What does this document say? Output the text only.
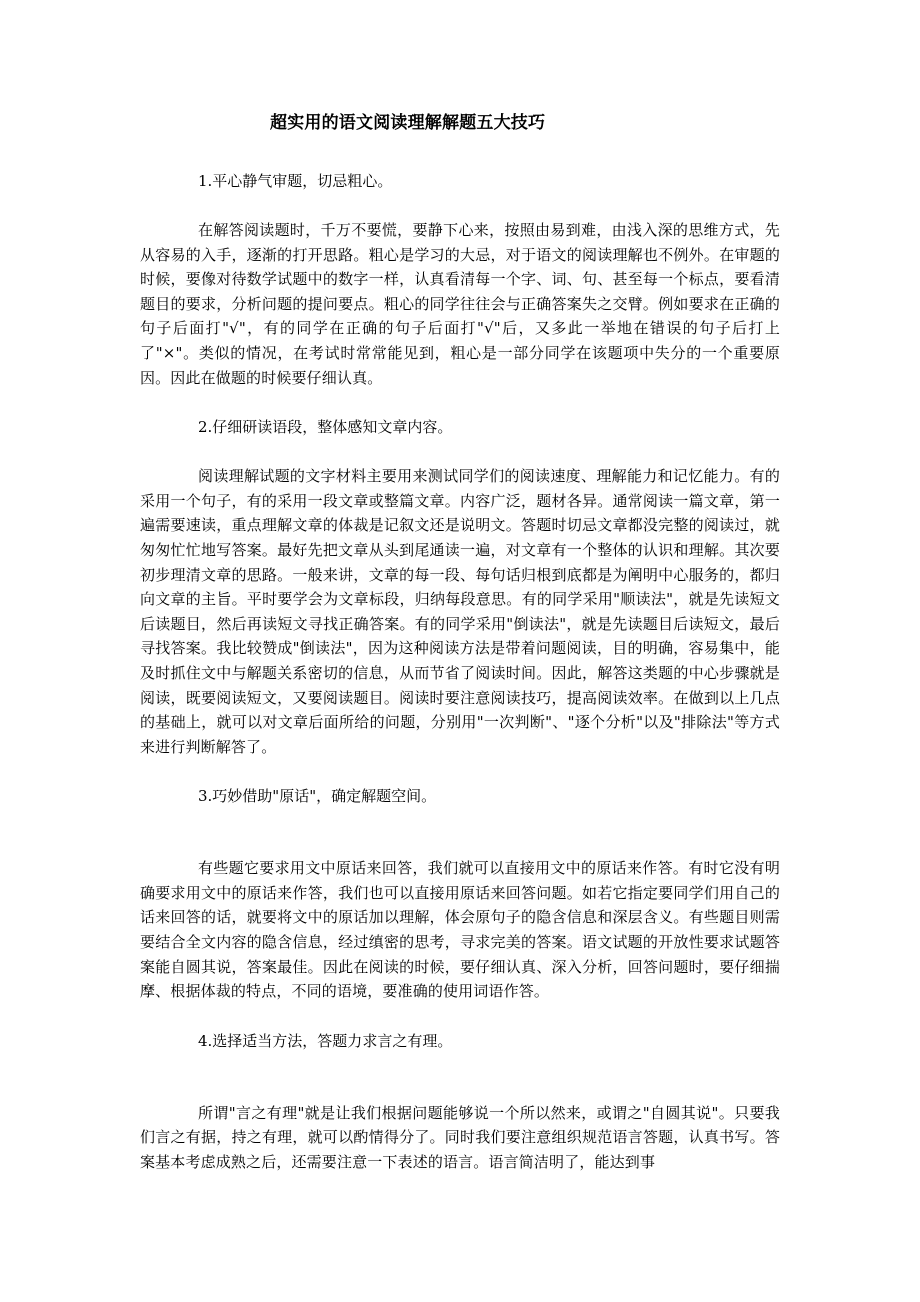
超实用的语文阅读理解解题五大技巧

1.平心静气审题，切忌粗心。

在解答阅读题时，千万不要慌，要静下心来，按照由易到难，由浅入深的思维方式，先从容易的入手，逐渐的打开思路。粗心是学习的大忌，对于语文的阅读理解也不例外。在审题的时候，要像对待数学试题中的数字一样，认真看清每一个字、词、句、甚至每一个标点，要看清题目的要求，分析问题的提问要点。粗心的同学往往会与正确答案失之交臂。例如要求在正确的句子后面打"√"，有的同学在正确的句子后面打"√"后，又多此一举地在错误的句子后打上了"×"。类似的情况，在考试时常常能见到，粗心是一部分同学在该题项中失分的一个重要原因。因此在做题的时候要仔细认真。

2.仔细研读语段，整体感知文章内容。

阅读理解试题的文字材料主要用来测试同学们的阅读速度、理解能力和记忆能力。有的采用一个句子，有的采用一段文章或整篇文章。内容广泛，题材各异。通常阅读一篇文章，第一遍需要速读，重点理解文章的体裁是记叙文还是说明文。答题时切忌文章都没完整的阅读过，就匆匆忙忙地写答案。最好先把文章从头到尾通读一遍，对文章有一个整体的认识和理解。其次要初步理清文章的思路。一般来讲，文章的每一段、每句话归根到底都是为阐明中心服务的，都归向文章的主旨。平时要学会为文章标段，归纳每段意思。有的同学采用"顺读法"，就是先读短文后读题目，然后再读短文寻找正确答案。有的同学采用"倒读法"，就是先读题目后读短文，最后寻找答案。我比较赞成"倒读法"，因为这种阅读方法是带着问题阅读，目的明确，容易集中，能及时抓住文中与解题关系密切的信息，从而节省了阅读时间。因此，解答这类题的中心步骤就是阅读，既要阅读短文，又要阅读题目。阅读时要注意阅读技巧，提高阅读效率。在做到以上几点的基础上，就可以对文章后面所给的问题，分别用"一次判断"、"逐个分析"以及"排除法"等方式来进行判断解答了。

3.巧妙借助"原话"，确定解题空间。

有些题它要求用文中原话来回答，我们就可以直接用文中的原话来作答。有时它没有明确要求用文中的原话来作答，我们也可以直接用原话来回答问题。如若它指定要同学们用自己的话来回答的话，就要将文中的原话加以理解，体会原句子的隐含信息和深层含义。有些题目则需要结合全文内容的隐含信息，经过缜密的思考，寻求完美的答案。语文试题的开放性要求试题答案能自圆其说，答案最佳。因此在阅读的时候，要仔细认真、深入分析，回答问题时，要仔细揣摩、根据体裁的特点，不同的语境，要准确的使用词语作答。

4.选择适当方法，答题力求言之有理。

所谓"言之有理"就是让我们根据问题能够说一个所以然来，或谓之"自圆其说"。只要我们言之有据，持之有理，就可以酌情得分了。同时我们要注意组织规范语言答题，认真书写。答案基本考虑成熟之后，还需要注意一下表述的语言。语言简洁明了，能达到事
